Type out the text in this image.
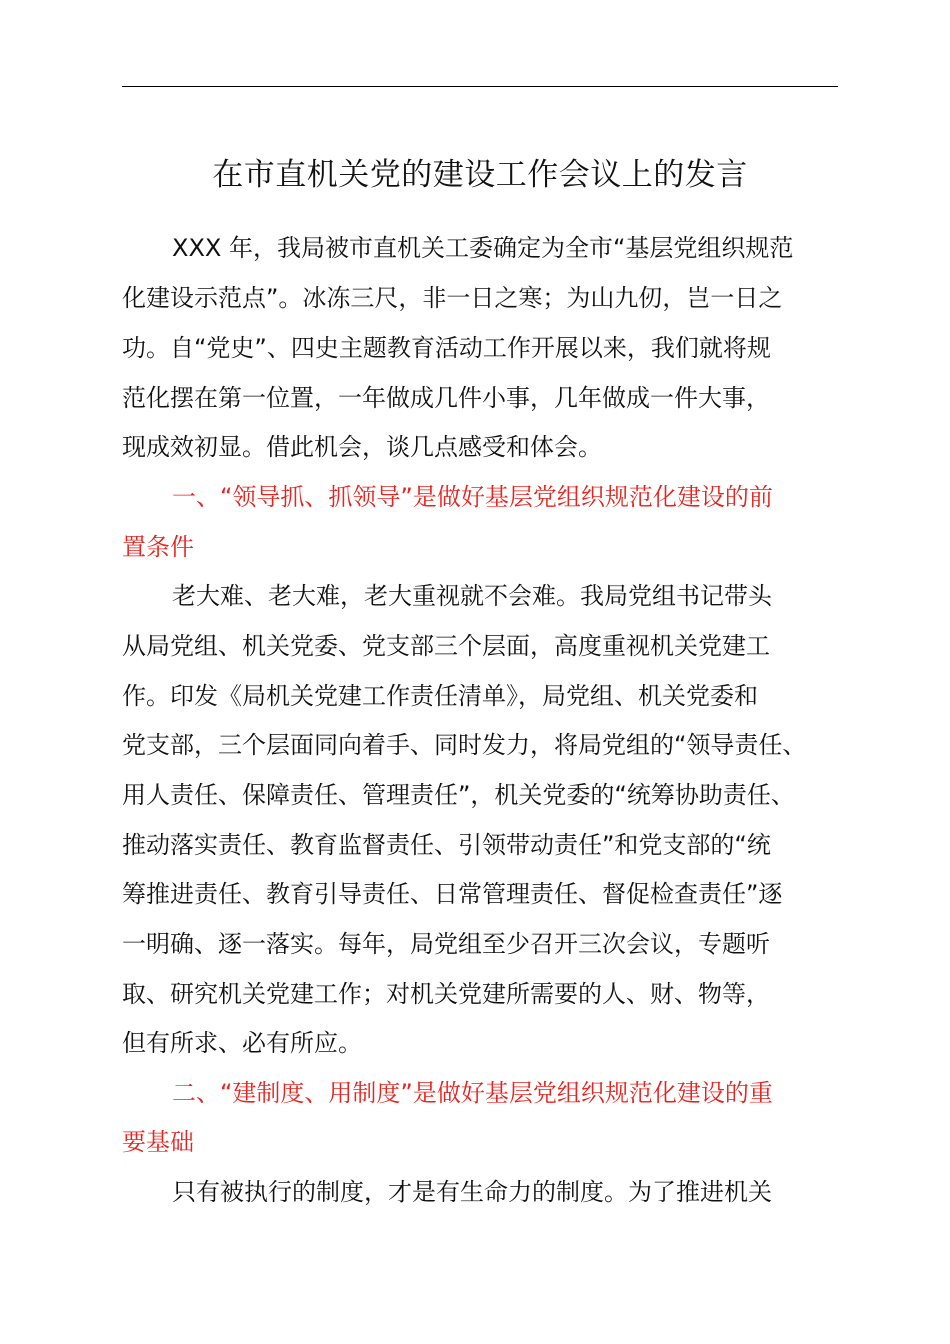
在市直机关党的建设工作会议上的发言
XXX 年，我局被市直机关工委确定为全市“基层党组织规范
化建设示范点”。冰冻三尺，非一日之寒；为山九仞，岂一日之
功。自“党史”、四史主题教育活动工作开展以来，我们就将规
范化摆在第一位置，一年做成几件小事，几年做成一件大事，
现成效初显。借此机会，谈几点感受和体会。
一、“领导抓、抓领导”是做好基层党组织规范化建设的前
置条件
老大难、老大难，老大重视就不会难。我局党组书记带头
从局党组、机关党委、党支部三个层面，高度重视机关党建工
作。印发《局机关党建工作责任清单》，局党组、机关党委和
党支部，三个层面同向着手、同时发力，将局党组的“领导责任、
用人责任、保障责任、管理责任”，机关党委的“统筹协助责任、
推动落实责任、教育监督责任、引领带动责任”和党支部的“统
筹推进责任、教育引导责任、日常管理责任、督促检查责任”逐
一明确、逐一落实。每年，局党组至少召开三次会议，专题听
取、研究机关党建工作；对机关党建所需要的人、财、物等，
但有所求、必有所应。
二、“建制度、用制度”是做好基层党组织规范化建设的重
要基础
只有被执行的制度，才是有生命力的制度。为了推进机关
